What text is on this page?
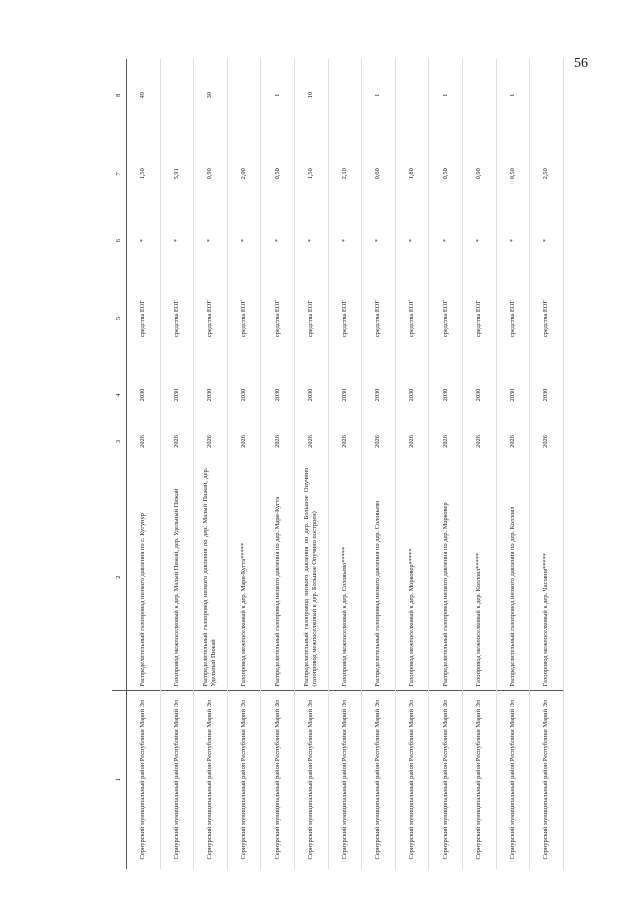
56
1	2	3	4	5	6	7	8
Сернурский муниципальный район Республики Марий Эл	Распределительный газопровод низкого давления по с. Кугунур	2026	2030	средства ЕОГ	*	1,50	49
Сернурский муниципальный район Республики Марий Эл	Газопровод межпоселковый к дер. Малый Пижай, дер. Удельный Пижай	2026	2030	средства ЕОГ	*	5,91	
Сернурский муниципальный район Республики Марий Эл	Распределительный газопровод низкого давления по дер. Малый Пижай, дер. Удельный Пижай	2026	2030	средства ЕОГ	*	0,90	30
Сернурский муниципальный район Республики Марий Эл	Газопровод межпоселковый к дер. Мари-Кугта*****	2026	2030	средства ЕОГ	*	2,00	
Сернурский муниципальный район Республики Марий Эл	Распределительный газопровод низкого давления по дер. Мари-Кугта	2026	2030	средства ЕОГ	*	0,50	1
Сернурский муниципальный район Республики Марий Эл	Распределительный газопровод низкого давления по дер. Большое Опучино (газопровод межпоселковый к дер. Большое Опучино построен)	2026	2030	средства ЕОГ	*	1,50	10
Сернурский муниципальный район Республики Марий Эл	Газопровод межпоселковый к дер. Соловьево*****	2026	2030	средства ЕОГ	*	2,10	
Сернурский муниципальный район Республики Марий Эл	Распределительный газопровод низкого давления по дер. Соловьево	2026	2030	средства ЕОГ	*	0,60	1
Сернурский муниципальный район Республики Марий Эл	Газопровод межпоселковый к дер. Морковер*****	2026	2030	средства ЕОГ	*	1,80	
Сернурский муниципальный район Республики Марий Эл	Распределительный газопровод низкого давления по дер. Морковер	2026	2030	средства ЕОГ	*	0,50	1
Сернурский муниципальный район Республики Марий Эл	Газопровод межпоселковый к дер. Коллоял*****	2026	2030	средства ЕОГ	*	0,90	
Сернурский муниципальный район Республики Марий Эл	Распределительный газопровод низкого давления по дер. Коллоял	2026	2030	средства ЕОГ	*	0,50	1
Сернурский муниципальный район Республики Марий Эл	Газопровод межпоселковый к дер. Часовня*****	2026	2030	средства ЕОГ	*	2,50	
